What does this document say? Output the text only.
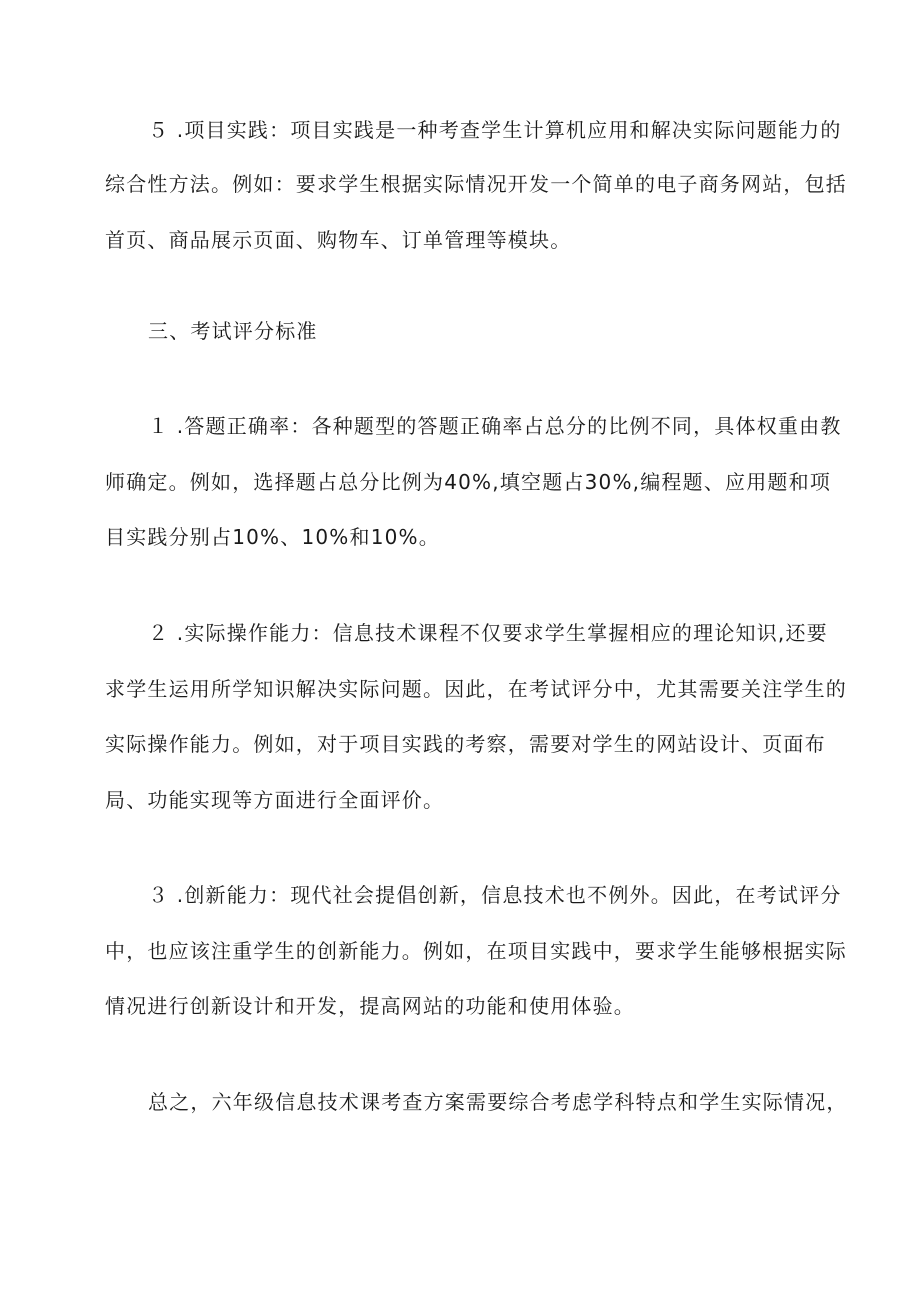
５ .项目实践：项目实践是一种考查学生计算机应用和解决实际问题能力的
综合性方法。例如：要求学生根据实际情况开发一个简单的电子商务网站，包括
首页、商品展示页面、购物车、订单管理等模块。
三、考试评分标准
１ .答题正确率：各种题型的答题正确率占总分的比例不同，具体权重由教
师确定。例如，选择题占总分比例为40%,填空题占30%,编程题、应用题和项
目实践分别占10%、10%和10%。
２ .实际操作能力：信息技术课程不仅要求学生掌握相应的理论知识,还要
求学生运用所学知识解决实际问题。因此，在考试评分中，尤其需要关注学生的
实际操作能力。例如，对于项目实践的考察，需要对学生的网站设计、页面布
局、功能实现等方面进行全面评价。
３ .创新能力：现代社会提倡创新，信息技术也不例外。因此，在考试评分
中，也应该注重学生的创新能力。例如，在项目实践中，要求学生能够根据实际
情况进行创新设计和开发，提高网站的功能和使用体验。
总之，六年级信息技术课考查方案需要综合考虑学科特点和学生实际情况，
